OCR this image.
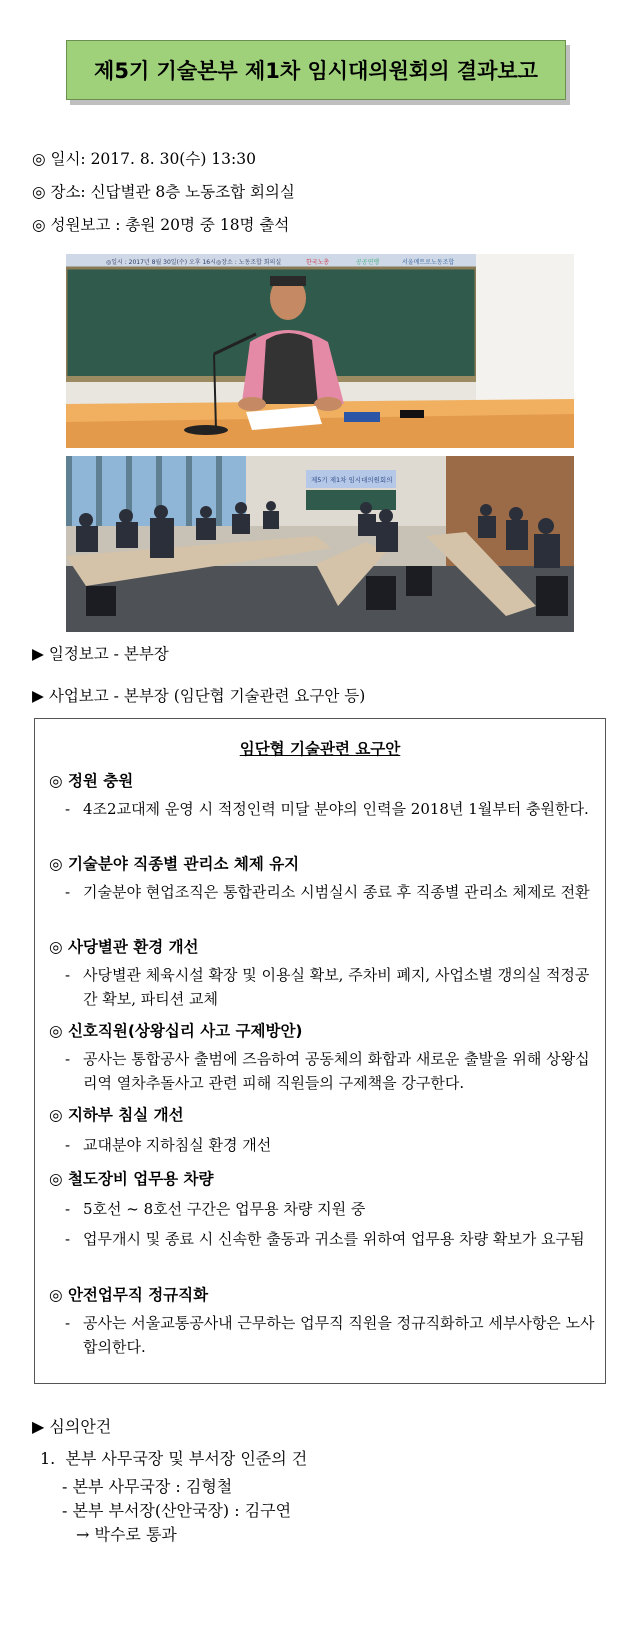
제5기 기술본부 제1차 임시대의원회의 결과보고
◎ 일시: 2017. 8. 30(수) 13:30
◎ 장소: 신답별관 8층 노동조합 회의실
◎ 성원보고 : 총원 20명 중 18명 출석
◎일시 : 2017년 8월 30일(수) 오후 16시 ◎장소 : 노동조합 회의실	한국노총	공공연맹	서울메트로노동조합
제5기 제1차 임시대의원회의
▶ 일정보고 - 본부장
▶ 사업보고 - 본부장 (임단협 기술관련 요구안 등)
임단협 기술관련 요구안
◎ 정원 충원
- 4조2교대제 운영 시 적정인력 미달 분야의 인력을 2018년 1월부터 충원한다.
◎ 기술분야 직종별 관리소 체제 유지
- 기술분야 현업조직은 통합관리소 시범실시 종료 후 직종별 관리소 체제로 전환
◎ 사당별관 환경 개선
- 사당별관 체육시설 확장 및 이용실 확보, 주차비 폐지, 사업소별 갱의실 적정공간 확보, 파티션 교체
◎ 신호직원(상왕십리 사고 구제방안)
- 공사는 통합공사 출범에 즈음하여 공동체의 화합과 새로운 출발을 위해 상왕십리역 열차추돌사고 관련 피해 직원들의 구제책을 강구한다.
◎ 지하부 침실 개선
- 교대분야 지하침실 환경 개선
◎ 철도장비 업무용 차량
- 5호선 ~ 8호선 구간은 업무용 차량 지원 중
- 업무개시 및 종료 시 신속한 출동과 귀소를 위하여 업무용 차량 확보가 요구됨
◎ 안전업무직 정규직화
- 공사는 서울교통공사내 근무하는 업무직 직원을 정규직화하고 세부사항은 노사 합의한다.
▶ 심의안건
1. 본부 사무국장 및 부서장 인준의 건
- 본부 사무국장 : 김형철
- 본부 부서장(산안국장) : 김구연
→ 박수로 통과
